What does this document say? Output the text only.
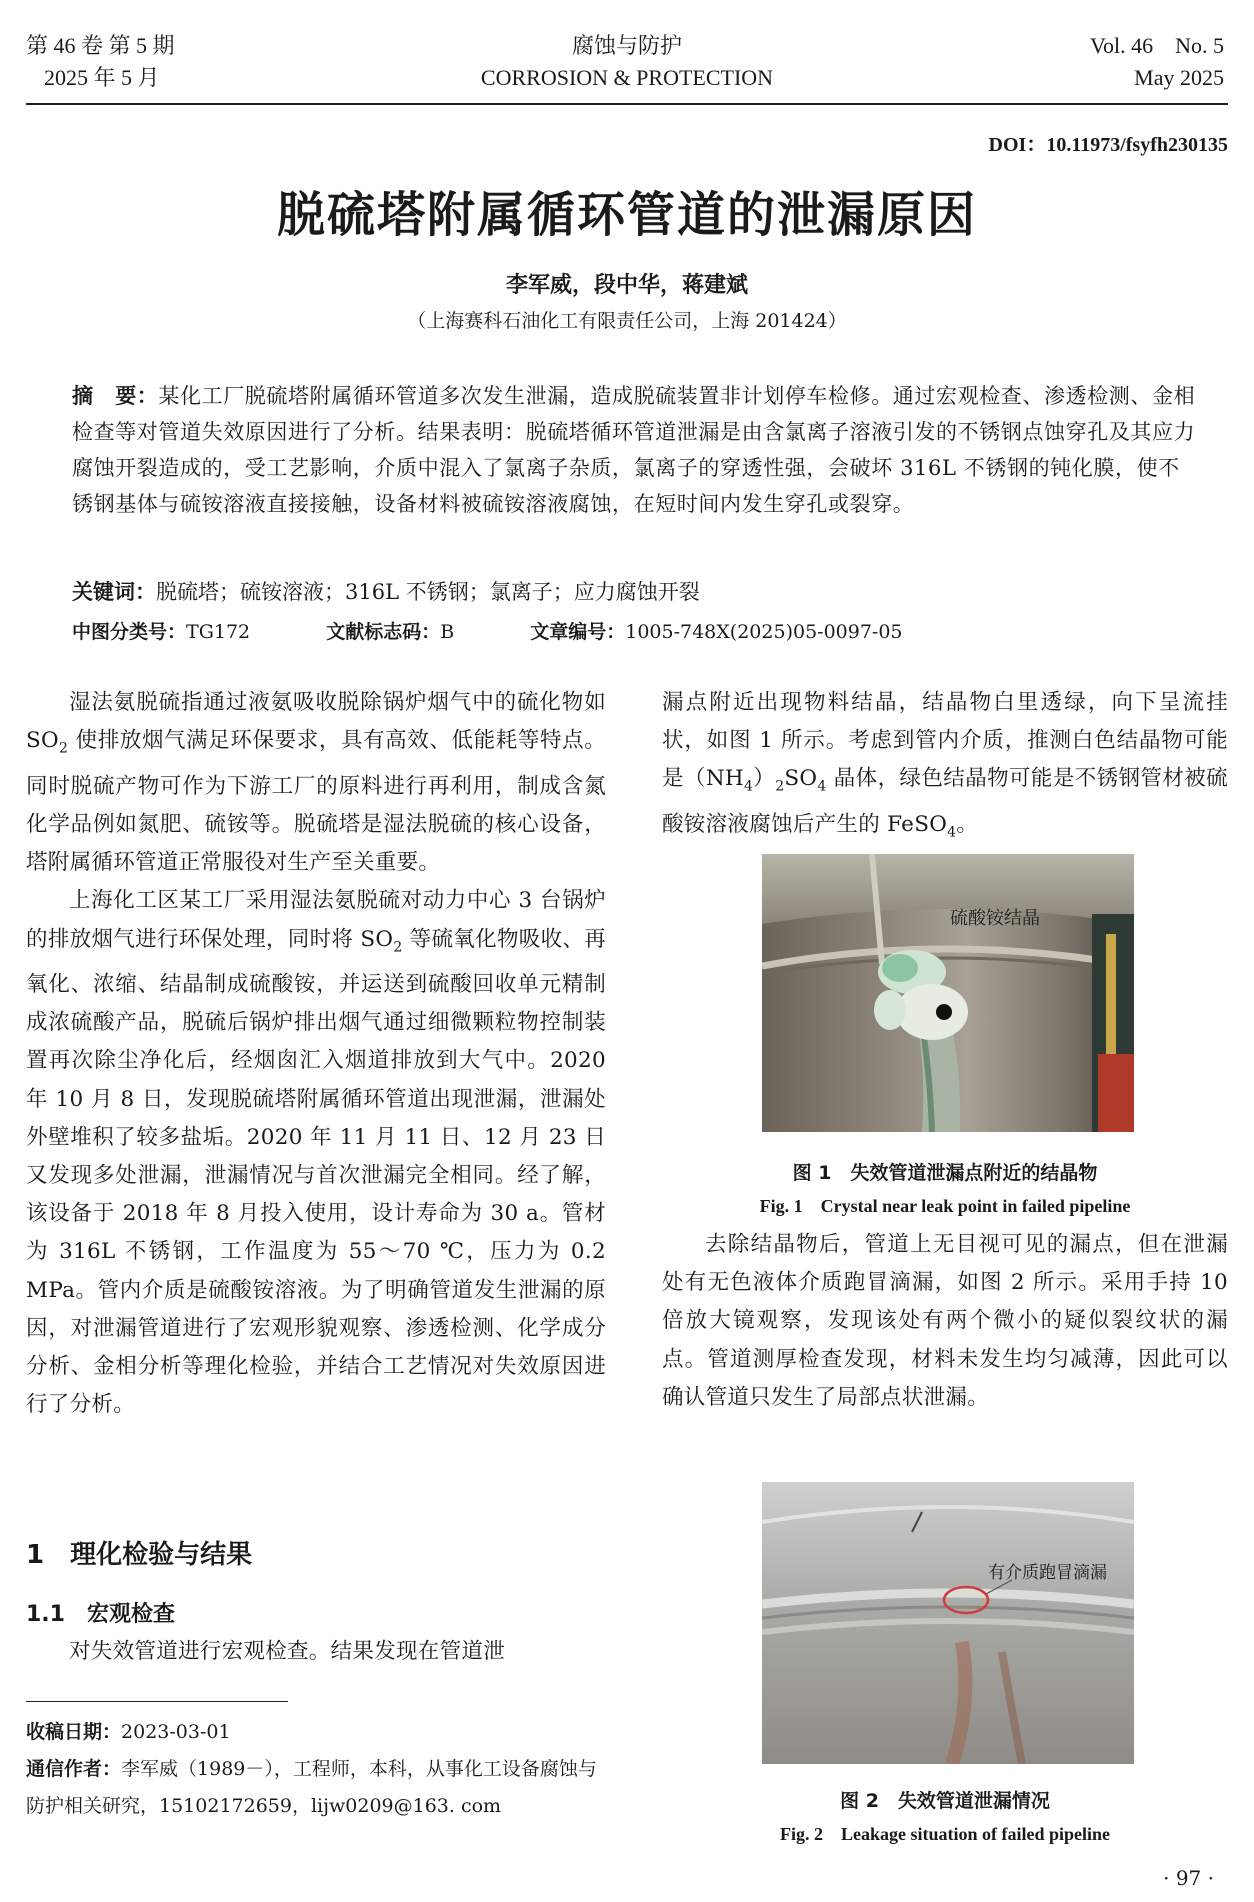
第 46 卷 第 5 期
2025 年 5 月
腐蚀与防护
CORROSION & PROTECTION
Vol. 46    No. 5
May 2025
DOI：10.11973/fsyfh230135
脱硫塔附属循环管道的泄漏原因
李军威，段中华，蒋建斌
（上海赛科石油化工有限责任公司，上海 201424）
摘　要：某化工厂脱硫塔附属循环管道多次发生泄漏，造成脱硫装置非计划停车检修。通过宏观检查、渗透检测、金相检查等对管道失效原因进行了分析。结果表明：脱硫塔循环管道泄漏是由含氯离子溶液引发的不锈钢点蚀穿孔及其应力腐蚀开裂造成的，受工艺影响，介质中混入了氯离子杂质，氯离子的穿透性强，会破坏 316L 不锈钢的钝化膜，使不锈钢基体与硫铵溶液直接接触，设备材料被硫铵溶液腐蚀，在短时间内发生穿孔或裂穿。
关键词：脱硫塔；硫铵溶液；316L 不锈钢；氯离子；应力腐蚀开裂
中图分类号：TG172	文献标志码：B	文章编号：1005-748X(2025)05-0097-05

湿法氨脱硫指通过液氨吸收脱除锅炉烟气中的硫化物如 $SO_2$ 使排放烟气满足环保要求，具有高效、低能耗等特点。同时脱硫产物可作为下游工厂的原料进行再利用，制成含氮化学品例如氮肥、硫铵等。脱硫塔是湿法脱硫的核心设备，塔附属循环管道正常服役对生产至关重要。

上海化工区某工厂采用湿法氨脱硫对动力中心 3 台锅炉的排放烟气进行环保处理，同时将 $SO_2$ 等硫氧化物吸收、再氧化、浓缩、结晶制成硫酸铵，并运送到硫酸回收单元精制成浓硫酸产品，脱硫后锅炉排出烟气通过细微颗粒物控制装置再次除尘净化后，经烟囱汇入烟道排放到大气中。2020 年 10 月 8 日，发现脱硫塔附属循环管道出现泄漏，泄漏处外壁堆积了较多盐垢。2020 年 11 月 11 日、12 月 23 日又发现多处泄漏，泄漏情况与首次泄漏完全相同。经了解，该设备于 2018 年 8 月投入使用，设计寿命为 30 a。管材为 316L 不锈钢，工作温度为 55～70 ℃，压力为 0.2 MPa。管内介质是硫酸铵溶液。为了明确管道发生泄漏的原因，对泄漏管道进行了宏观形貌观察、渗透检测、化学成分分析、金相分析等理化检验，并结合工艺情况对失效原因进行了分析。

1　理化检验与结果
1.1　宏观检查

对失效管道进行宏观检查。结果发现在管道泄

收稿日期：2023-03-01
通信作者：李军威（1989－），工程师，本科，从事化工设备腐蚀与防护相关研究，15102172659，lijw0209@163. com

漏点附近出现物料结晶，结晶物白里透绿，向下呈流挂状，如图 1 所示。考虑到管内介质，推测白色结晶物可能是$(NH_4)_2SO_4$ 晶体，绿色结晶物可能是不锈钢管材被硫酸铵溶液腐蚀后产生的 FeSO$_4$。

硫酸铵结晶
图 1　失效管道泄漏点附近的结晶物
Fig. 1　Crystal near leak point in failed pipeline

去除结晶物后，管道上无目视可见的漏点，但在泄漏处有无色液体介质跑冒滴漏，如图 2 所示。采用手持 10 倍放大镜观察，发现该处有两个微小的疑似裂纹状的漏点。管道测厚检查发现，材料未发生均匀减薄，因此可以确认管道只发生了局部点状泄漏。

有介质跑冒滴漏
图 2　失效管道泄漏情况
Fig. 2　Leakage situation of failed pipeline
· 97 ·
